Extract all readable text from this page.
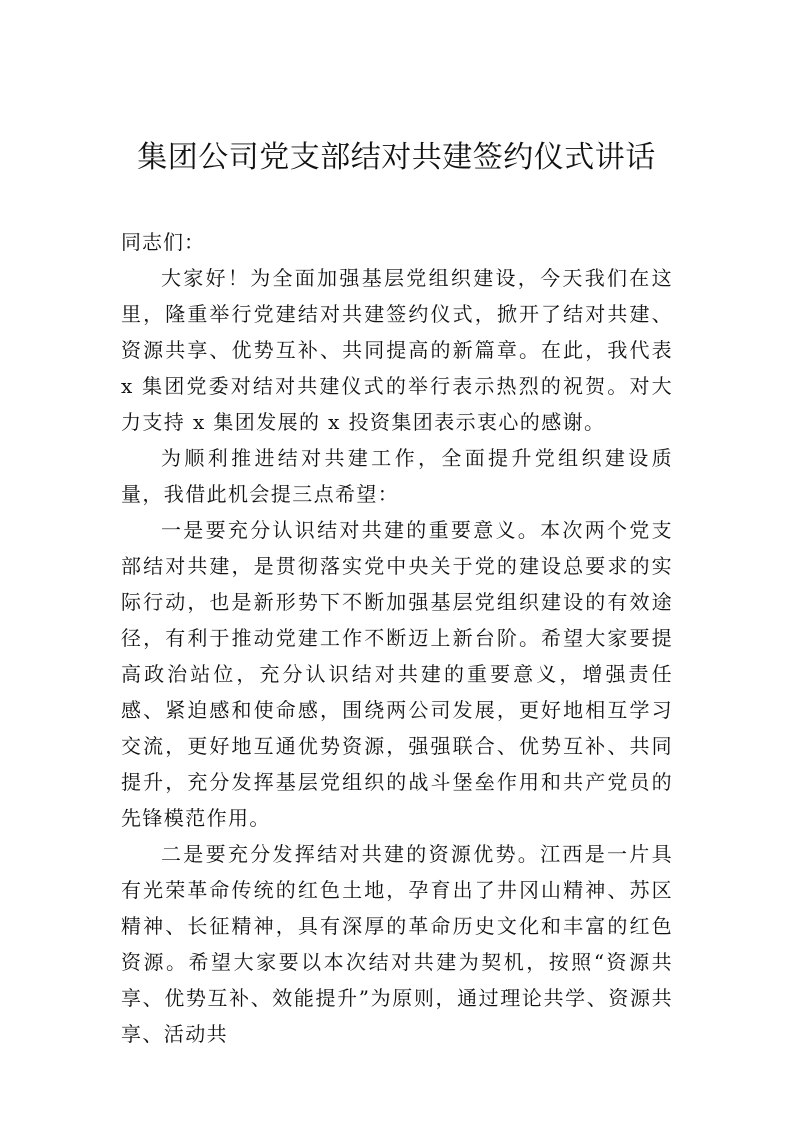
集团公司党支部结对共建签约仪式讲话

同志们：

大家好！为全面加强基层党组织建设，今天我们在这里，隆重举行党建结对共建签约仪式，掀开了结对共建、资源共享、优势互补、共同提高的新篇章。在此，我代表 x 集团党委对结对共建仪式的举行表示热烈的祝贺。对大力支持 x 集团发展的 x 投资集团表示衷心的感谢。

为顺利推进结对共建工作，全面提升党组织建设质量，我借此机会提三点希望：

一是要充分认识结对共建的重要意义。本次两个党支部结对共建，是贯彻落实党中央关于党的建设总要求的实际行动，也是新形势下不断加强基层党组织建设的有效途径，有利于推动党建工作不断迈上新台阶。希望大家要提高政治站位，充分认识结对共建的重要意义，增强责任感、紧迫感和使命感，围绕两公司发展，更好地相互学习交流，更好地互通优势资源，强强联合、优势互补、共同提升，充分发挥基层党组织的战斗堡垒作用和共产党员的先锋模范作用。

二是要充分发挥结对共建的资源优势。江西是一片具有光荣革命传统的红色土地，孕育出了井冈山精神、苏区精神、长征精神，具有深厚的革命历史文化和丰富的红色资源。希望大家要以本次结对共建为契机，按照“资源共享、优势互补、效能提升”为原则，通过理论共学、资源共享、活动共
